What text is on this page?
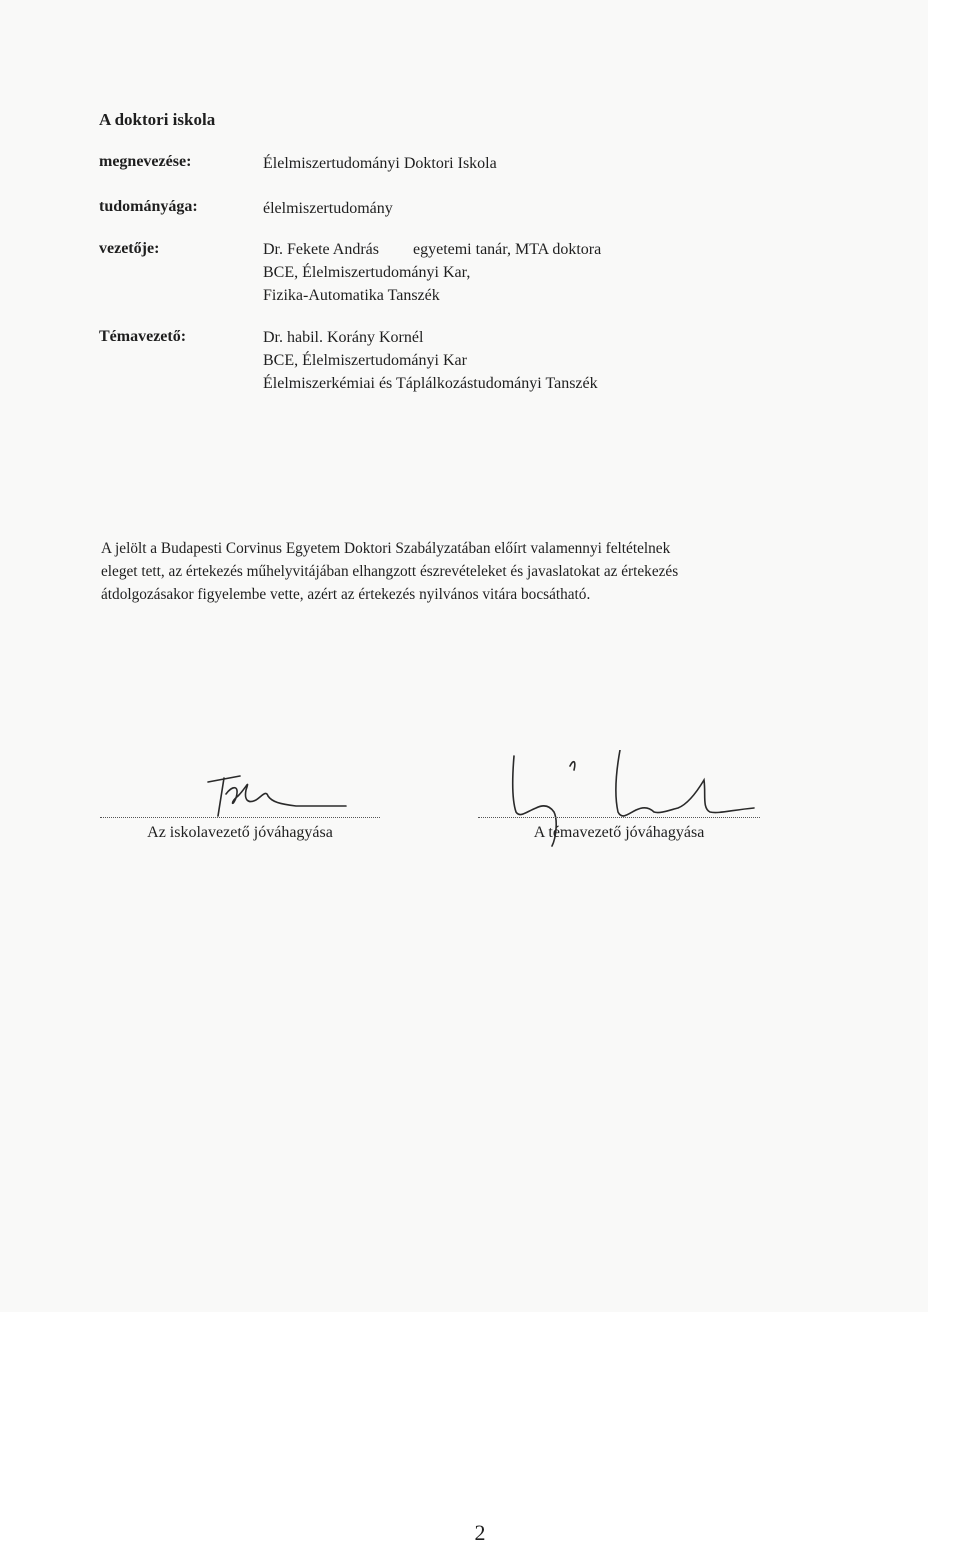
A doktori iskola
megnevezése:	Élelmiszertudományi Doktori Iskola
tudományága:	élelmiszertudomány
vezetője:	Dr. Fekete András egyetemi tanár, MTA doktora
BCE, Élelmiszertudományi Kar,
Fizika-Automatika Tanszék
Témavezető:	Dr. habil. Korány Kornél
BCE, Élelmiszertudományi Kar
Élelmiszerkémiai és Táplálkozástudományi Tanszék
A jelölt a Budapesti Corvinus Egyetem Doktori Szabályzatában előírt valamennyi feltételnek
eleget tett, az értekezés műhelyvitájában elhangzott észrevételeket és javaslatokat az értekezés
átdolgozásakor figyelembe vette, azért az értekezés nyilvános vitára bocsátható.
Az iskolavezető jóváhagyása	A témavezető jóváhagyása
2
